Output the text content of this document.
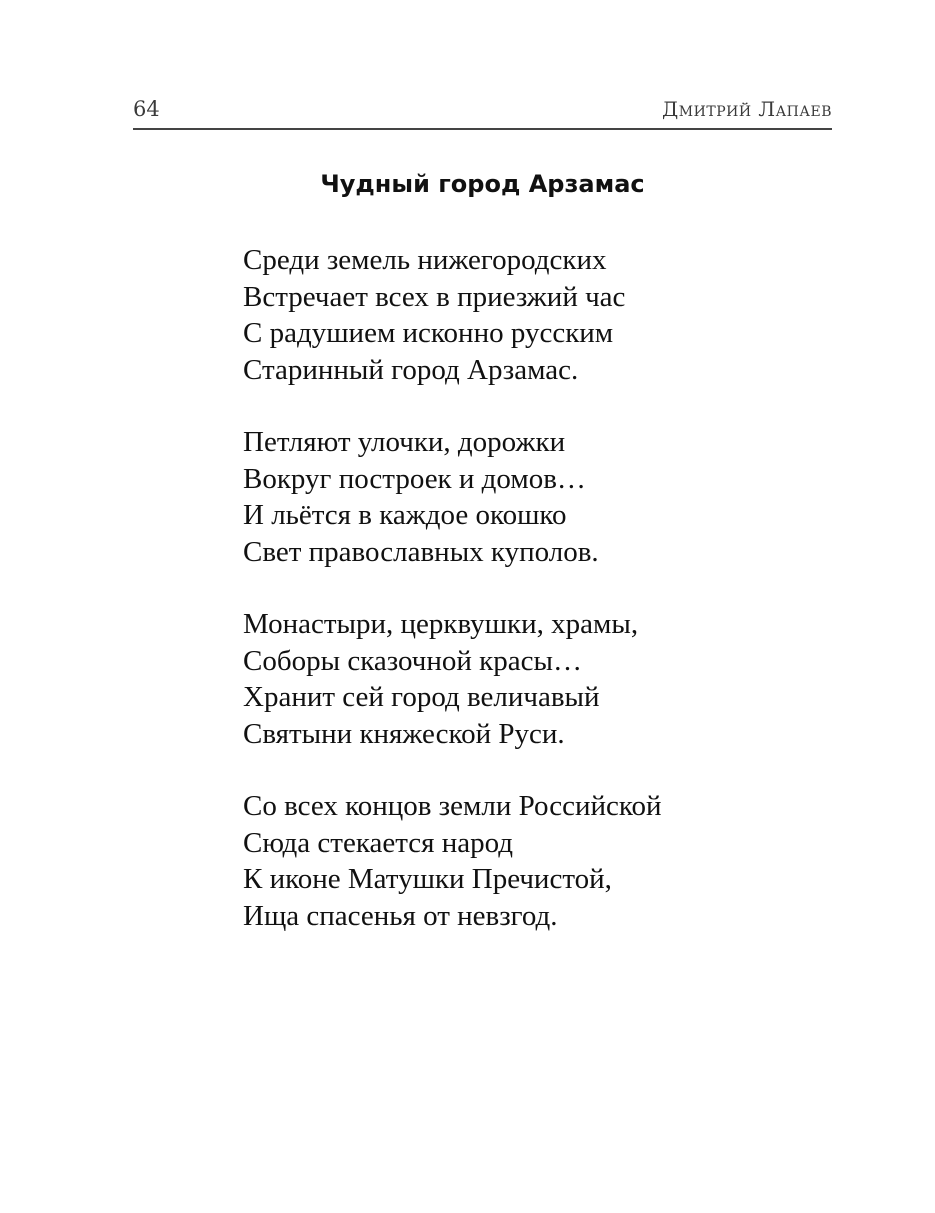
64	Дмитрий Лапаев
Чудный город Арзамас
Среди земель нижегородских
Встречает всех в приезжий час
С радушием исконно русским
Старинный город Арзамас.
Петляют улочки, дорожки
Вокруг построек и домов…
И льётся в каждое окошко
Свет православных куполов.
Монастыри, церквушки, храмы,
Соборы сказочной красы…
Хранит сей город величавый
Святыни княжеской Руси.
Со всех концов земли Российской
Сюда стекается народ
К иконе Матушки Пречистой,
Ища спасенья от невзгод.
